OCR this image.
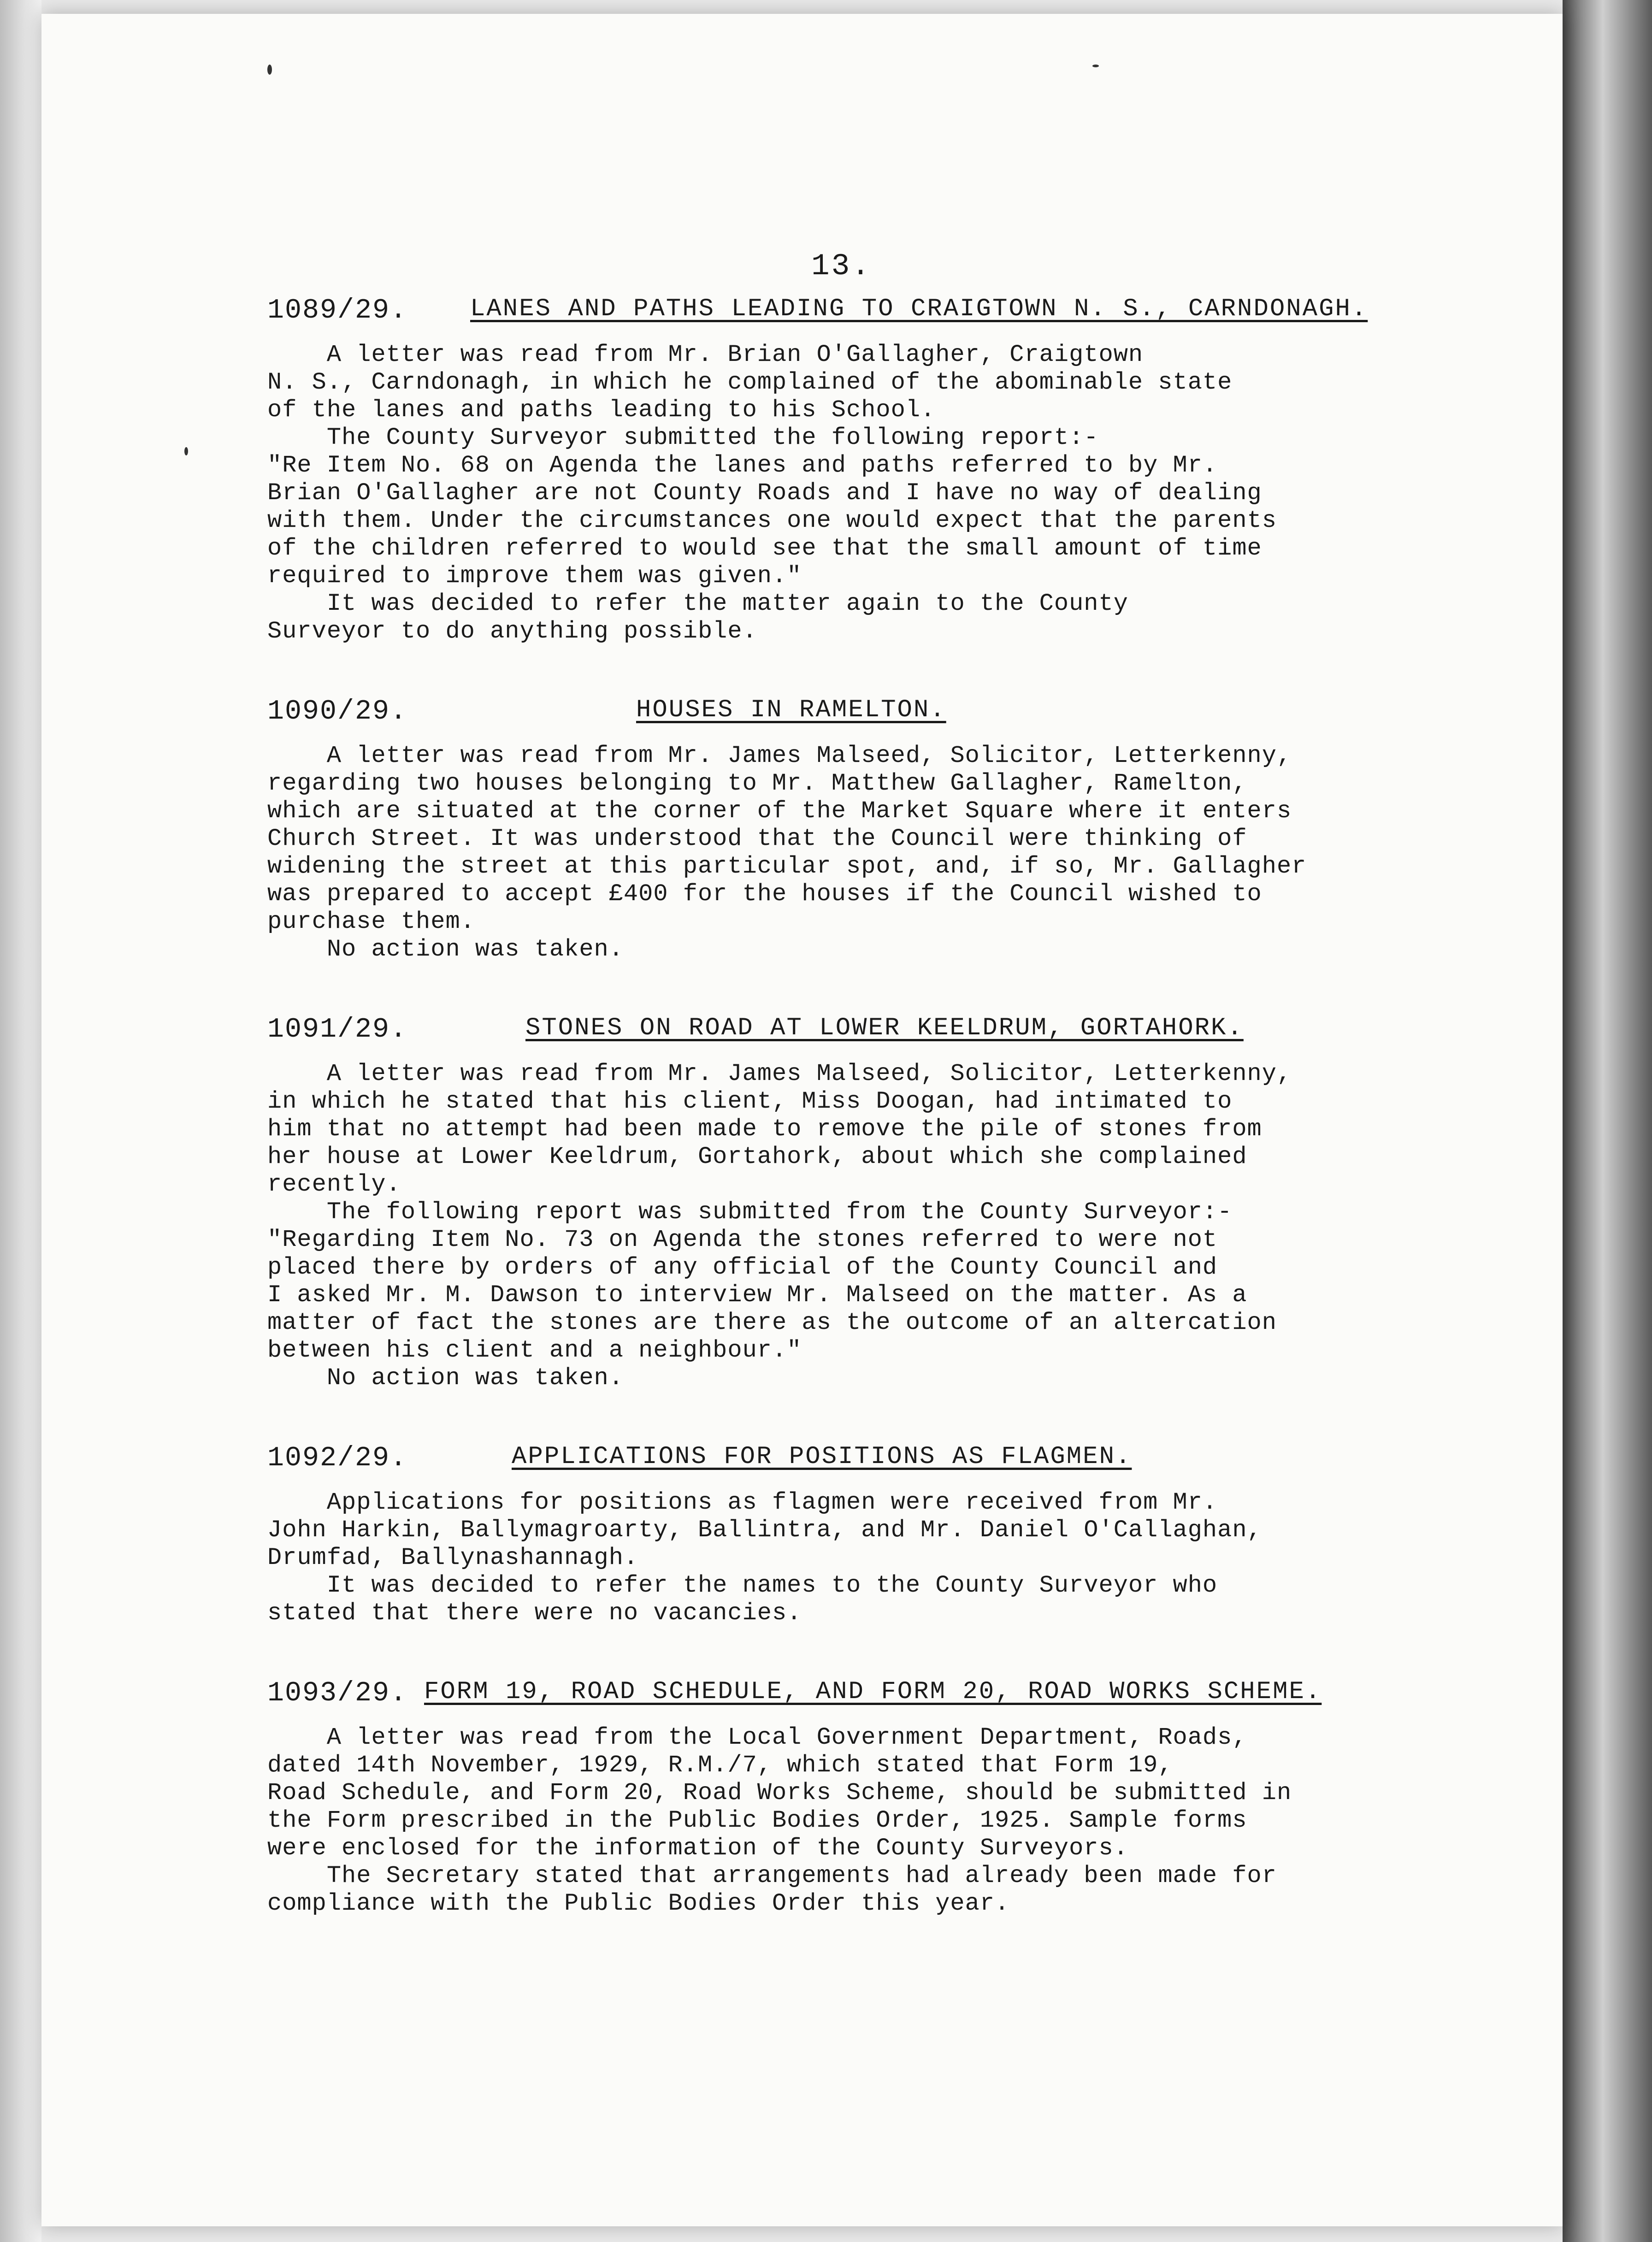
13.
1089/29.	LANES AND PATHS LEADING TO CRAIGTOWN N. S., CARNDONAGH.

A letter was read from Mr. Brian O'Gallagher, Craigtown
N. S., Carndonagh, in which he complained of the abominable state
of the lanes and paths leading to his School.

The County Surveyor submitted the following report:-
"Re Item No. 68 on Agenda the lanes and paths referred to by Mr.
Brian O'Gallagher are not County Roads and I have no way of dealing
with them. Under the circumstances one would expect that the parents
of the children referred to would see that the small amount of time
required to improve them was given."

It was decided to refer the matter again to the County
Surveyor to do anything possible.

1090/29.	HOUSES IN RAMELTON.

A letter was read from Mr. James Malseed, Solicitor, Letterkenny,
regarding two houses belonging to Mr. Matthew Gallagher, Ramelton,
which are situated at the corner of the Market Square where it enters
Church Street. It was understood that the Council were thinking of
widening the street at this particular spot, and, if so, Mr. Gallagher
was prepared to accept £400 for the houses if the Council wished to
purchase them.

No action was taken.

1091/29.	STONES ON ROAD AT LOWER KEELDRUM, GORTAHORK.

A letter was read from Mr. James Malseed, Solicitor, Letterkenny,
in which he stated that his client, Miss Doogan, had intimated to
him that no attempt had been made to remove the pile of stones from
her house at Lower Keeldrum, Gortahork, about which she complained
recently.

The following report was submitted from the County Surveyor:-
"Regarding Item No. 73 on Agenda the stones referred to were not
placed there by orders of any official of the County Council and
I asked Mr. M. Dawson to interview Mr. Malseed on the matter. As a
matter of fact the stones are there as the outcome of an altercation
between his client and a neighbour."

No action was taken.

1092/29.	APPLICATIONS FOR POSITIONS AS FLAGMEN.

Applications for positions as flagmen were received from Mr.
John Harkin, Ballymagroarty, Ballintra, and Mr. Daniel O'Callaghan,
Drumfad, Ballynashannagh.

It was decided to refer the names to the County Surveyor who
stated that there were no vacancies.

1093/29. FORM 19, ROAD SCHEDULE, AND FORM 20, ROAD WORKS SCHEME.

A letter was read from the Local Government Department, Roads,
dated 14th November, 1929, R.M./7, which stated that Form 19,
Road Schedule, and Form 20, Road Works Scheme, should be submitted in
the Form prescribed in the Public Bodies Order, 1925. Sample forms
were enclosed for the information of the County Surveyors.

The Secretary stated that arrangements had already been made for
compliance with the Public Bodies Order this year.
